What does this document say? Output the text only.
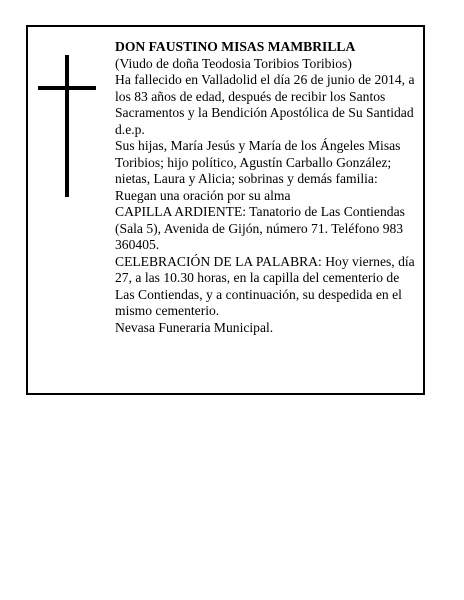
DON FAUSTINO MISAS MAMBRILLA

(Viudo de doña Teodosia Toribios Toribios)

Ha fallecido en Valladolid el día 26 de junio de 2014, a los 83 años de edad, después de recibir los Santos Sacramentos y la Bendición Apostólica de Su Santidad d.e.p.

Sus hijas, María Jesús y María de los Ángeles Misas Toribios; hijo político, Agustín Carballo González; nietas, Laura y Alicia; sobrinas y demás familia:

Ruegan una oración por su alma

CAPILLA ARDIENTE: Tanatorio de Las Contiendas (Sala 5), Avenida de Gijón, número 71. Teléfono 983 360405.

CELEBRACIÓN DE LA PALABRA: Hoy viernes, día 27, a las 10.30 horas, en la capilla del cementerio de Las Contiendas, y a continuación, su despedida en el mismo cementerio.

Nevasa Funeraria Municipal.
